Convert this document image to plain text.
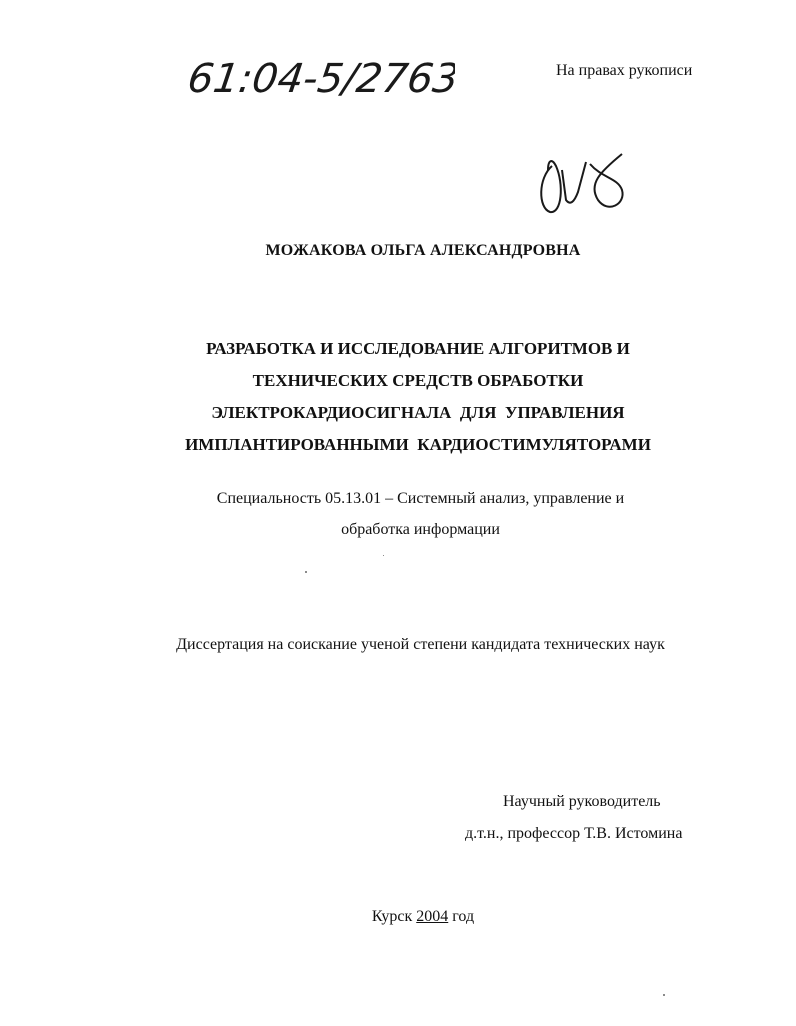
61:04-5/2763	На правах рукописи
МОЖАКОВА ОЛЬГА АЛЕКСАНДРОВНА
РАЗРАБОТКА И ИССЛЕДОВАНИЕ АЛГОРИТМОВ И
ТЕХНИЧЕСКИХ СРЕДСТВ ОБРАБОТКИ
ЭЛЕКТРОКАРДИОСИГНАЛА  ДЛЯ  УПРАВЛЕНИЯ
ИМПЛАНТИРОВАННЫМИ  КАРДИОСТИМУЛЯТОРАМИ
Специальность 05.13.01 – Системный анализ, управление и
обработка информации
Диссертация на соискание ученой степени кандидата технических наук
Научный руководитель
д.т.н., профессор Т.В. Истомина
Курск 2004 год
